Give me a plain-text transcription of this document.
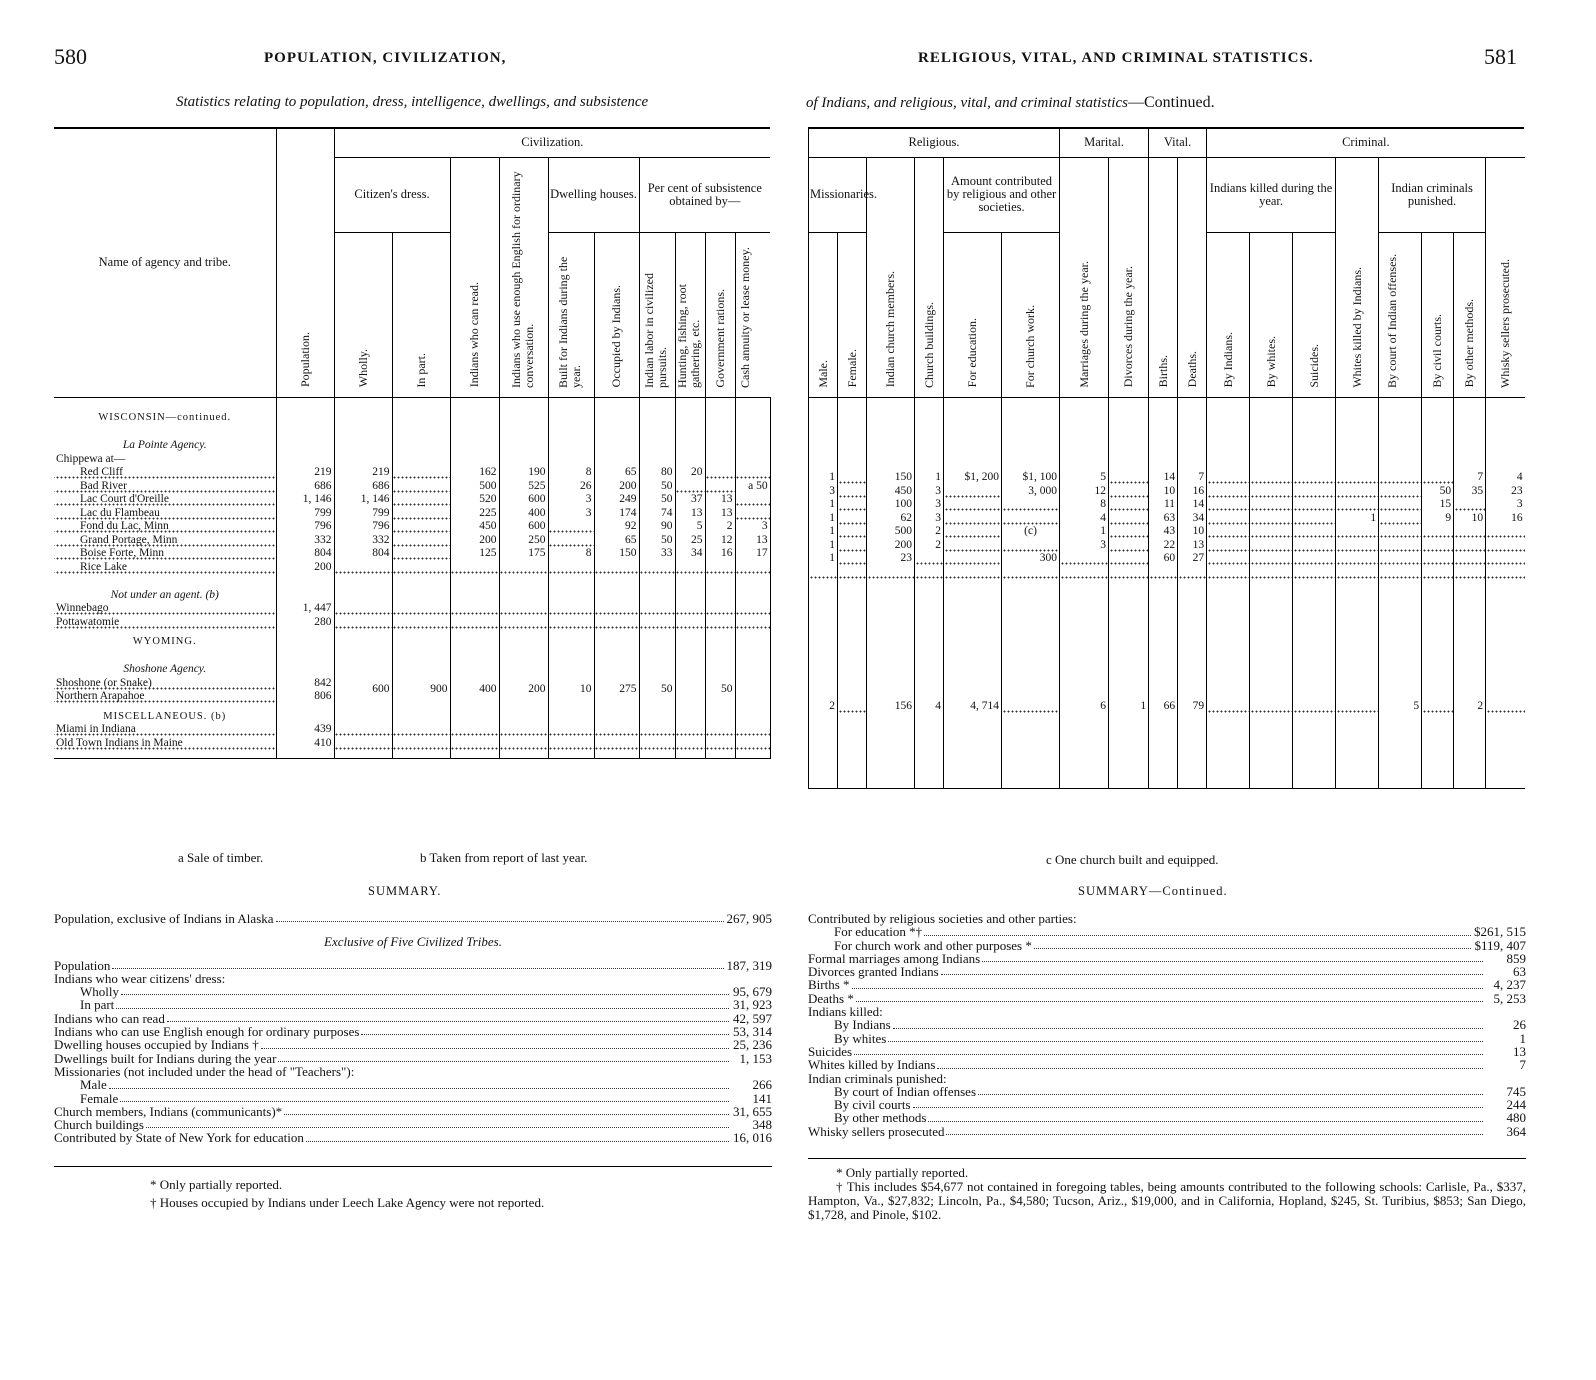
580	POPULATION, CIVILIZATION,	RELIGIOUS, VITAL, AND CRIMINAL STATISTICS.	581
Statistics relating to population, dress, intelligence, dwellings, and subsistence	of Indians, and religious, vital, and criminal statistics—Continued.
Name of agency and tribe.	Population.	Civilization.									
		Citizen's dress.		Indians who can read.	Indians who use enough English for ordinary conversation.	Dwelling houses.		Per cent of subsistence obtained by—			
		Wholly.	In part.			Built for Indians during the year.	Occupied by Indians.	Indian labor in civilized pursuits.	Hunting, fishing, root gathering, etc.	Government rations.	Cash annuity or lease money.

WISCONSIN—continued.											
La Pointe Agency.											
Chippewa at—											
Red Cliff	219	219		162	190	8	65	80	20		
Bad River	686	686		500	525	26	200	50			a 50
Lac Court d'Oreille	1, 146	1, 146		520	600	3	249	50	37	13	
Lac du Flambeau	799	799		225	400	3	174	74	13	13	
Fond du Lac, Minn	796	796		450	600		92	90	5	2	3
Grand Portage, Minn	332	332		200	250		65	50	25	12	13
Boise Forte, Minn	804	804		125	175	8	150	33	34	16	17
Rice Lake	200										
Not under an agent. (b)											
Winnebago	1, 447										
Pottawatomie	280										
WYOMING.											
Shoshone Agency.											
Shoshone (or Snake)	842	600	900	400	200	10	275	50		50	
Northern Arapahoe	806										
MISCELLANEOUS. (b)											
Miami in Indiana	439										
Old Town Indians in Maine	410										

Religious.						Marital.		Vital.		Criminal.							
Missionaries.		Indian church members.	Church buildings.	Amount contributed by religious and other societies.		Marriages during the year.	Divorces during the year.	Births.	Deaths.	Indians killed during the year.			Whites killed by Indians.	Indian criminals punished.			Whisky sellers prosecuted.
Male.	Female.			For education.	For church work.					By Indians.	By whites.	Suicides.		By court of Indian offenses.	By civil courts.	By other methods.	

1		150	1	$1, 200	$1, 100	5		14	7							7	4
3		450	3		3, 000	12		10	16						50	35	23
1		100	3			8		11	14						15		3
1		62	3			4		63	34				1		9	10	16
1		500	2		(c)	1		43	10								
1		200	2			3		22	13								
1		23			300			60	27								

2		156	4	4, 714		6	1	66	79					5		2	

a Sale of timber.	b Taken from report of last year.	c One church built and equipped.
SUMMARY.
Population, exclusive of Indians in Alaska	267, 905
Exclusive of Five Civilized Tribes.
Population	187, 319
Indians who wear citizens' dress:
Wholly	95, 679
In part	31, 923
Indians who can read	42, 597
Indians who can use English enough for ordinary purposes	53, 314
Dwelling houses occupied by Indians †	25, 236
Dwellings built for Indians during the year	1, 153
Missionaries (not included under the head of "Teachers"):
Male	266
Female	141
Church members, Indians (communicants)*	31, 655
Church buildings	348
Contributed by State of New York for education	16, 016
* Only partially reported.
† Houses occupied by Indians under Leech Lake Agency were not reported.
SUMMARY—Continued.
Contributed by religious societies and other parties:
For education *†	$261, 515
For church work and other purposes *	$119, 407
Formal marriages among Indians	859
Divorces granted Indians	63
Births *	4, 237
Deaths *	5, 253
Indians killed:
By Indians	26
By whites	1
Suicides	13
Whites killed by Indians	7
Indian criminals punished:
By court of Indian offenses	745
By civil courts	244
By other methods	480
Whisky sellers prosecuted	364
* Only partially reported.
† This includes $54,677 not contained in foregoing tables, being amounts contributed to the following schools: Carlisle, Pa., $337, Hampton, Va., $27,832; Lincoln, Pa., $4,580; Tucson, Ariz., $19,000, and in California, Hopland, $245, St. Turibius, $853; San Diego, $1,728, and Pinole, $102.
